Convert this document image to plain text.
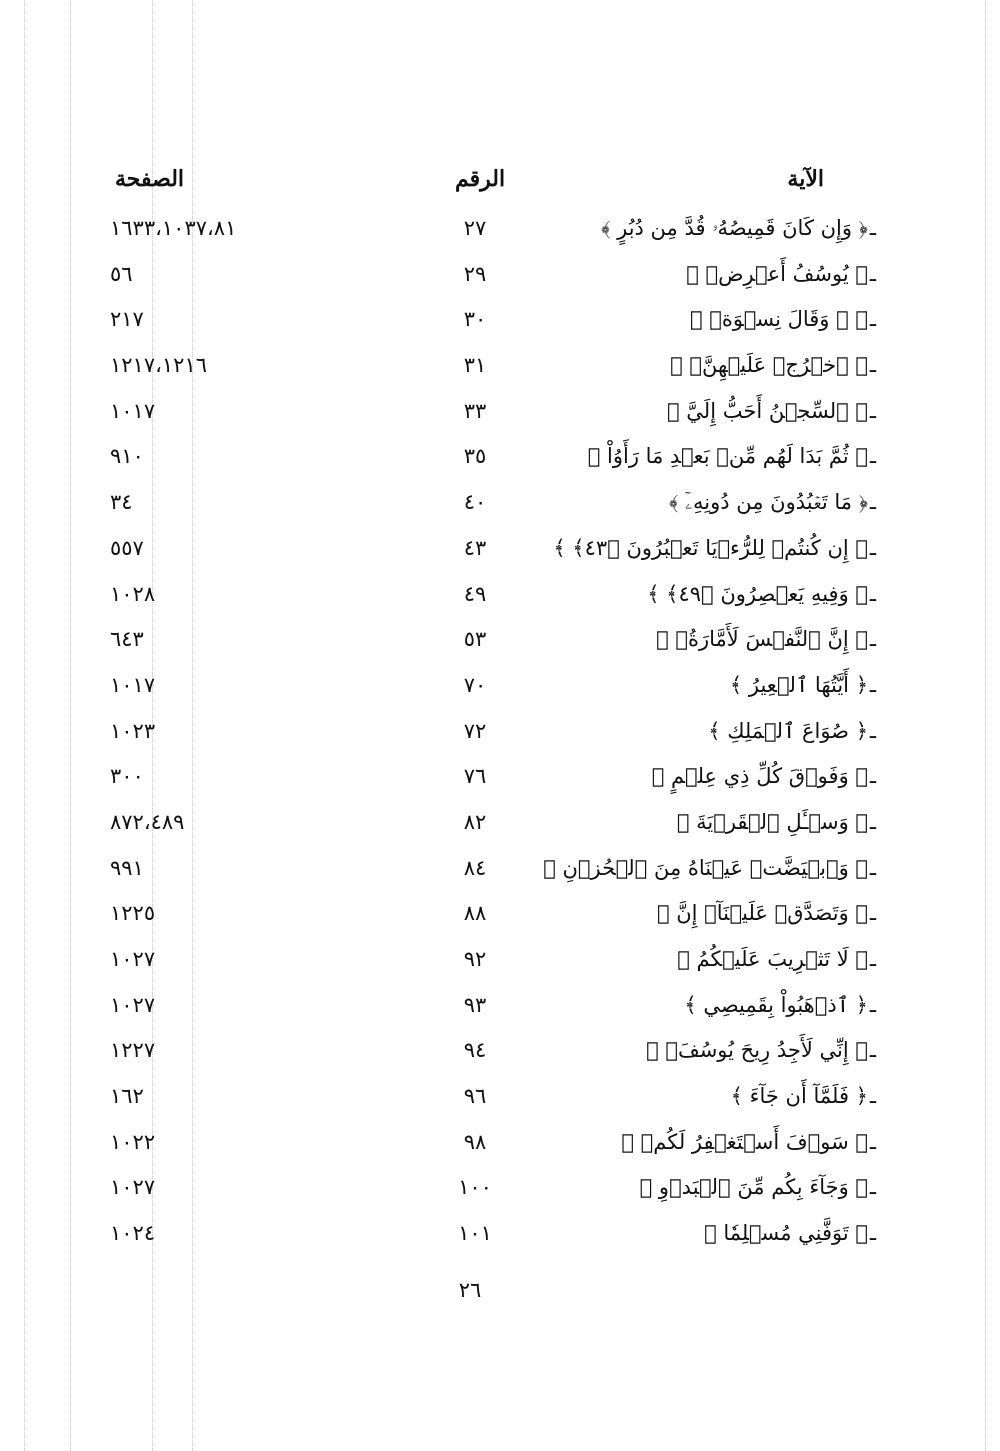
الآية
الرقم
الصفحة
ـ
﴿ وَإِن كَانَ قَمِيصُهُۥ قُدَّ مِن دُبُرٍ ﴾
٢٧
١٦٣٣،١٠٣٧،٨١
ـ
﴿ يُوسُفُ أَعۡرِضۡ ﴾
٢٩
٥٦
ـ
﴿ ۞ وَقَالَ نِسۡوَةٞ ﴾
٣٠
٢١٧
ـ
﴿ ٱخۡرُجۡ عَلَيۡهِنَّۖ ﴾
٣١
١٢١٧،١٢١٦
ـ
﴿ ٱلسِّجۡنُ أَحَبُّ إِلَيَّ ﴾
٣٣
١٠١٧
ـ
﴿ ثُمَّ بَدَا لَهُم مِّنۢ بَعۡدِ مَا رَأَوُاْ ﴾
٣٥
٩١٠
ـ
﴿ مَا تَعۡبُدُونَ مِن دُونِهِۦٓ ﴾
٤٠
٣٤
ـ
﴿ إِن كُنتُمۡ لِلرُّءۡيَا تَعۡبُرُونَ ﴿٤٣﴾ ﴾
٤٣
٥٥٧
ـ
﴿ وَفِيهِ يَعۡصِرُونَ ﴿٤٩﴾ ﴾
٤٩
١٠٢٨
ـ
﴿ إِنَّ ٱلنَّفۡسَ لَأَمَّارَةُۢ ﴾
٥٣
٦٤٣
ـ
﴿ أَيَّتُهَا ٱلۡعِيرُ ﴾
٧٠
١٠١٧
ـ
﴿ صُوَاعَ ٱلۡمَلِكِ ﴾
٧٢
١٠٢٣
ـ
﴿ وَفَوۡقَ كُلِّ ذِي عِلۡمٍ ﴾
٧٦
٣٠٠
ـ
﴿ وَسۡـَٔلِ ٱلۡقَرۡيَةَ ﴾
٨٢
٨٧٢،٤٨٩
ـ
﴿ وَٱبۡيَضَّتۡ عَيۡنَاهُ مِنَ ٱلۡحُزۡنِ ﴾
٨٤
٩٩١
ـ
﴿ وَتَصَدَّقۡ عَلَيۡنَآۖ إِنَّ ﴾
٨٨
١٢٢٥
ـ
﴿ لَا تَثۡرِيبَ عَلَيۡكُمُ ﴾
٩٢
١٠٢٧
ـ
﴿ ٱذۡهَبُواْ بِقَمِيصِي ﴾
٩٣
١٠٢٧
ـ
﴿ إِنِّي لَأَجِدُ رِيحَ يُوسُفَۖ ﴾
٩٤
١٢٢٧
ـ
﴿ فَلَمَّآ أَن جَآءَ ﴾
٩٦
١٦٢
ـ
﴿ سَوۡفَ أَسۡتَغۡفِرُ لَكُمۡ ﴾
٩٨
١٠٢٢
ـ
﴿ وَجَآءَ بِكُم مِّنَ ٱلۡبَدۡوِ ﴾
١٠٠
١٠٢٧
ـ
﴿ تَوَفَّنِي مُسۡلِمٗا ﴾
١٠١
١٠٢٤
٢٦
